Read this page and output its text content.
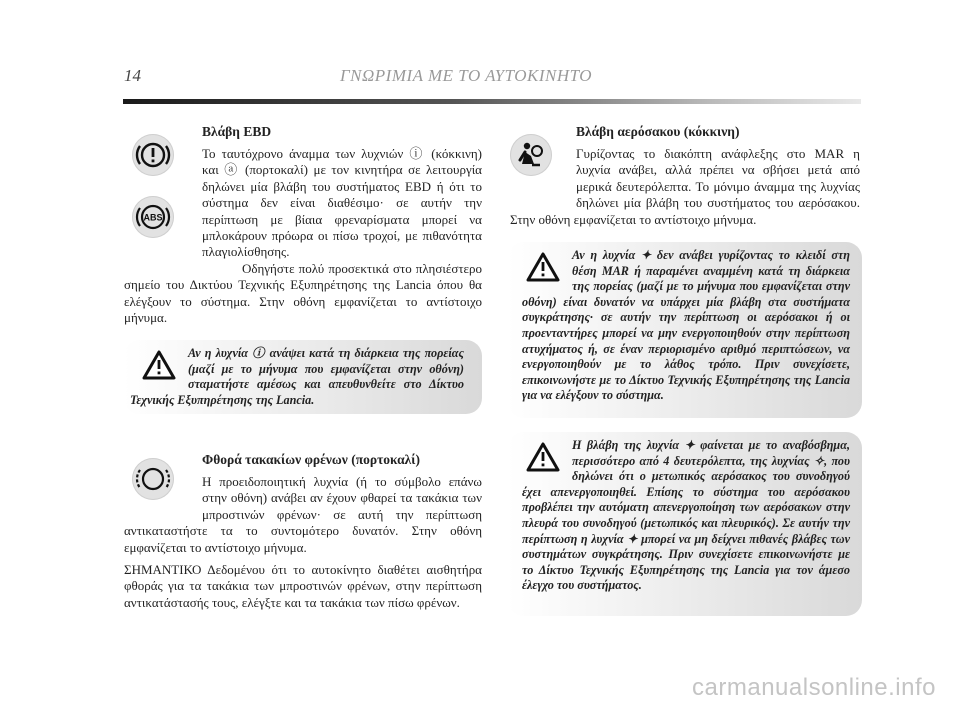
14	ΓΝΩΡΙΜΙΑ ΜΕ ΤΟ ΑΥΤΟΚΙΝΗΤΟ
ABS

Βλάβη EBD

Το ταυτόχρονο άναμμα των λυχνιών ⓘ (κόκκινη) και ⓐ (πορτοκαλί) με τον κινητήρα σε λειτουργία δηλώνει μία βλάβη του συστήματος EBD ή ότι το σύστημα δεν είναι διαθέσιμο· σε αυτήν την περίπτωση με βίαια φρεναρίσματα μπορεί να μπλοκάρουν πρόωρα οι πίσω τροχοί, με πιθανότητα πλαγιολίσθησης.

Οδηγήστε πολύ προσεκτικά στο πλησιέστερο σημείο του Δικτύου Τεχνικής Εξυπηρέτησης της Lancia όπου θα ελέγξουν το σύστημα. Στην οθόνη εμφανίζεται το αντίστοιχο μήνυμα.

Αν η λυχνία ⓘ ανάψει κατά τη διάρκεια της πορείας (μαζί με το μήνυμα που εμφανίζεται στην οθόνη) σταματήστε αμέσως και απευθυνθείτε στο Δίκτυο Τεχνικής Εξυπηρέτησης της Lancia.

Φθορά τακακίων φρένων (πορτοκαλί)

Η προειδοποιητική λυχνία (ή το σύμβολο επάνω στην οθόνη) ανάβει αν έχουν φθαρεί τα τακάκια των μπροστινών φρένων· σε αυτή την περίπτωση αντικαταστήστε τα το συντομότερο δυνατόν. Στην οθόνη εμφανίζεται το αντίστοιχο μήνυμα.

ΣΗΜΑΝΤΙΚΟ Δεδομένου ότι το αυτοκίνητο διαθέτει αισθητήρα φθοράς για τα τακάκια των μπροστινών φρένων, στην περίπτωση αντικατάστασής τους, ελέγξτε και τα τακάκια των πίσω φρένων.

Βλάβη αερόσακου (κόκκινη)

Γυρίζοντας το διακόπτη ανάφλεξης στο MAR η λυχνία ανάβει, αλλά πρέπει να σβήσει μετά από μερικά δευτερόλεπτα. Το μόνιμο άναμμα της λυχνίας δηλώνει μία βλάβη του συστήματος του αερόσακου. Στην οθόνη εμφανίζεται το αντίστοιχο μήνυμα.

Αν η λυχνία ✦ δεν ανάβει γυρίζοντας το κλειδί στη θέση MAR ή παραμένει αναμμένη κατά τη διάρκεια της πορείας (μαζί με το μήνυμα που εμφανίζεται στην οθόνη) είναι δυνατόν να υπάρχει μία βλάβη στα συστήματα συγκράτησης· σε αυτήν την περίπτωση οι αερόσακοι ή οι προενταντήρες μπορεί να μην ενεργοποιηθούν στην περίπτωση ατυχήματος ή, σε έναν περιορισμένο αριθμό περιπτώσεων, να ενεργοποιηθούν με το λάθος τρόπο. Πριν συνεχίσετε, επικοινωνήστε με το Δίκτυο Τεχνικής Εξυπηρέτησης της Lancia για να ελέγξουν το σύστημα.

Η βλάβη της λυχνία ✦ φαίνεται με το αναβόσβημα, περισσότερο από 4 δευτερόλεπτα, της λυχνίας ✧, που δηλώνει ότι ο μετωπικός αερόσακος του συνοδηγού έχει απενεργοποιηθεί. Επίσης το σύστημα του αερόσακου προβλέπει την αυτόματη απενεργοποίηση των αερόσακων στην πλευρά του συνοδηγού (μετωπικός και πλευρικός). Σε αυτήν την περίπτωση η λυχνία ✦ μπορεί να μη δείχνει πιθανές βλάβες των συστημάτων συγκράτησης. Πριν συνεχίσετε επικοινωνήστε με το Δίκτυο Τεχνικής Εξυπηρέτησης της Lancia για τον άμεσο έλεγχο του συστήματος.

carmanualsonline.info
